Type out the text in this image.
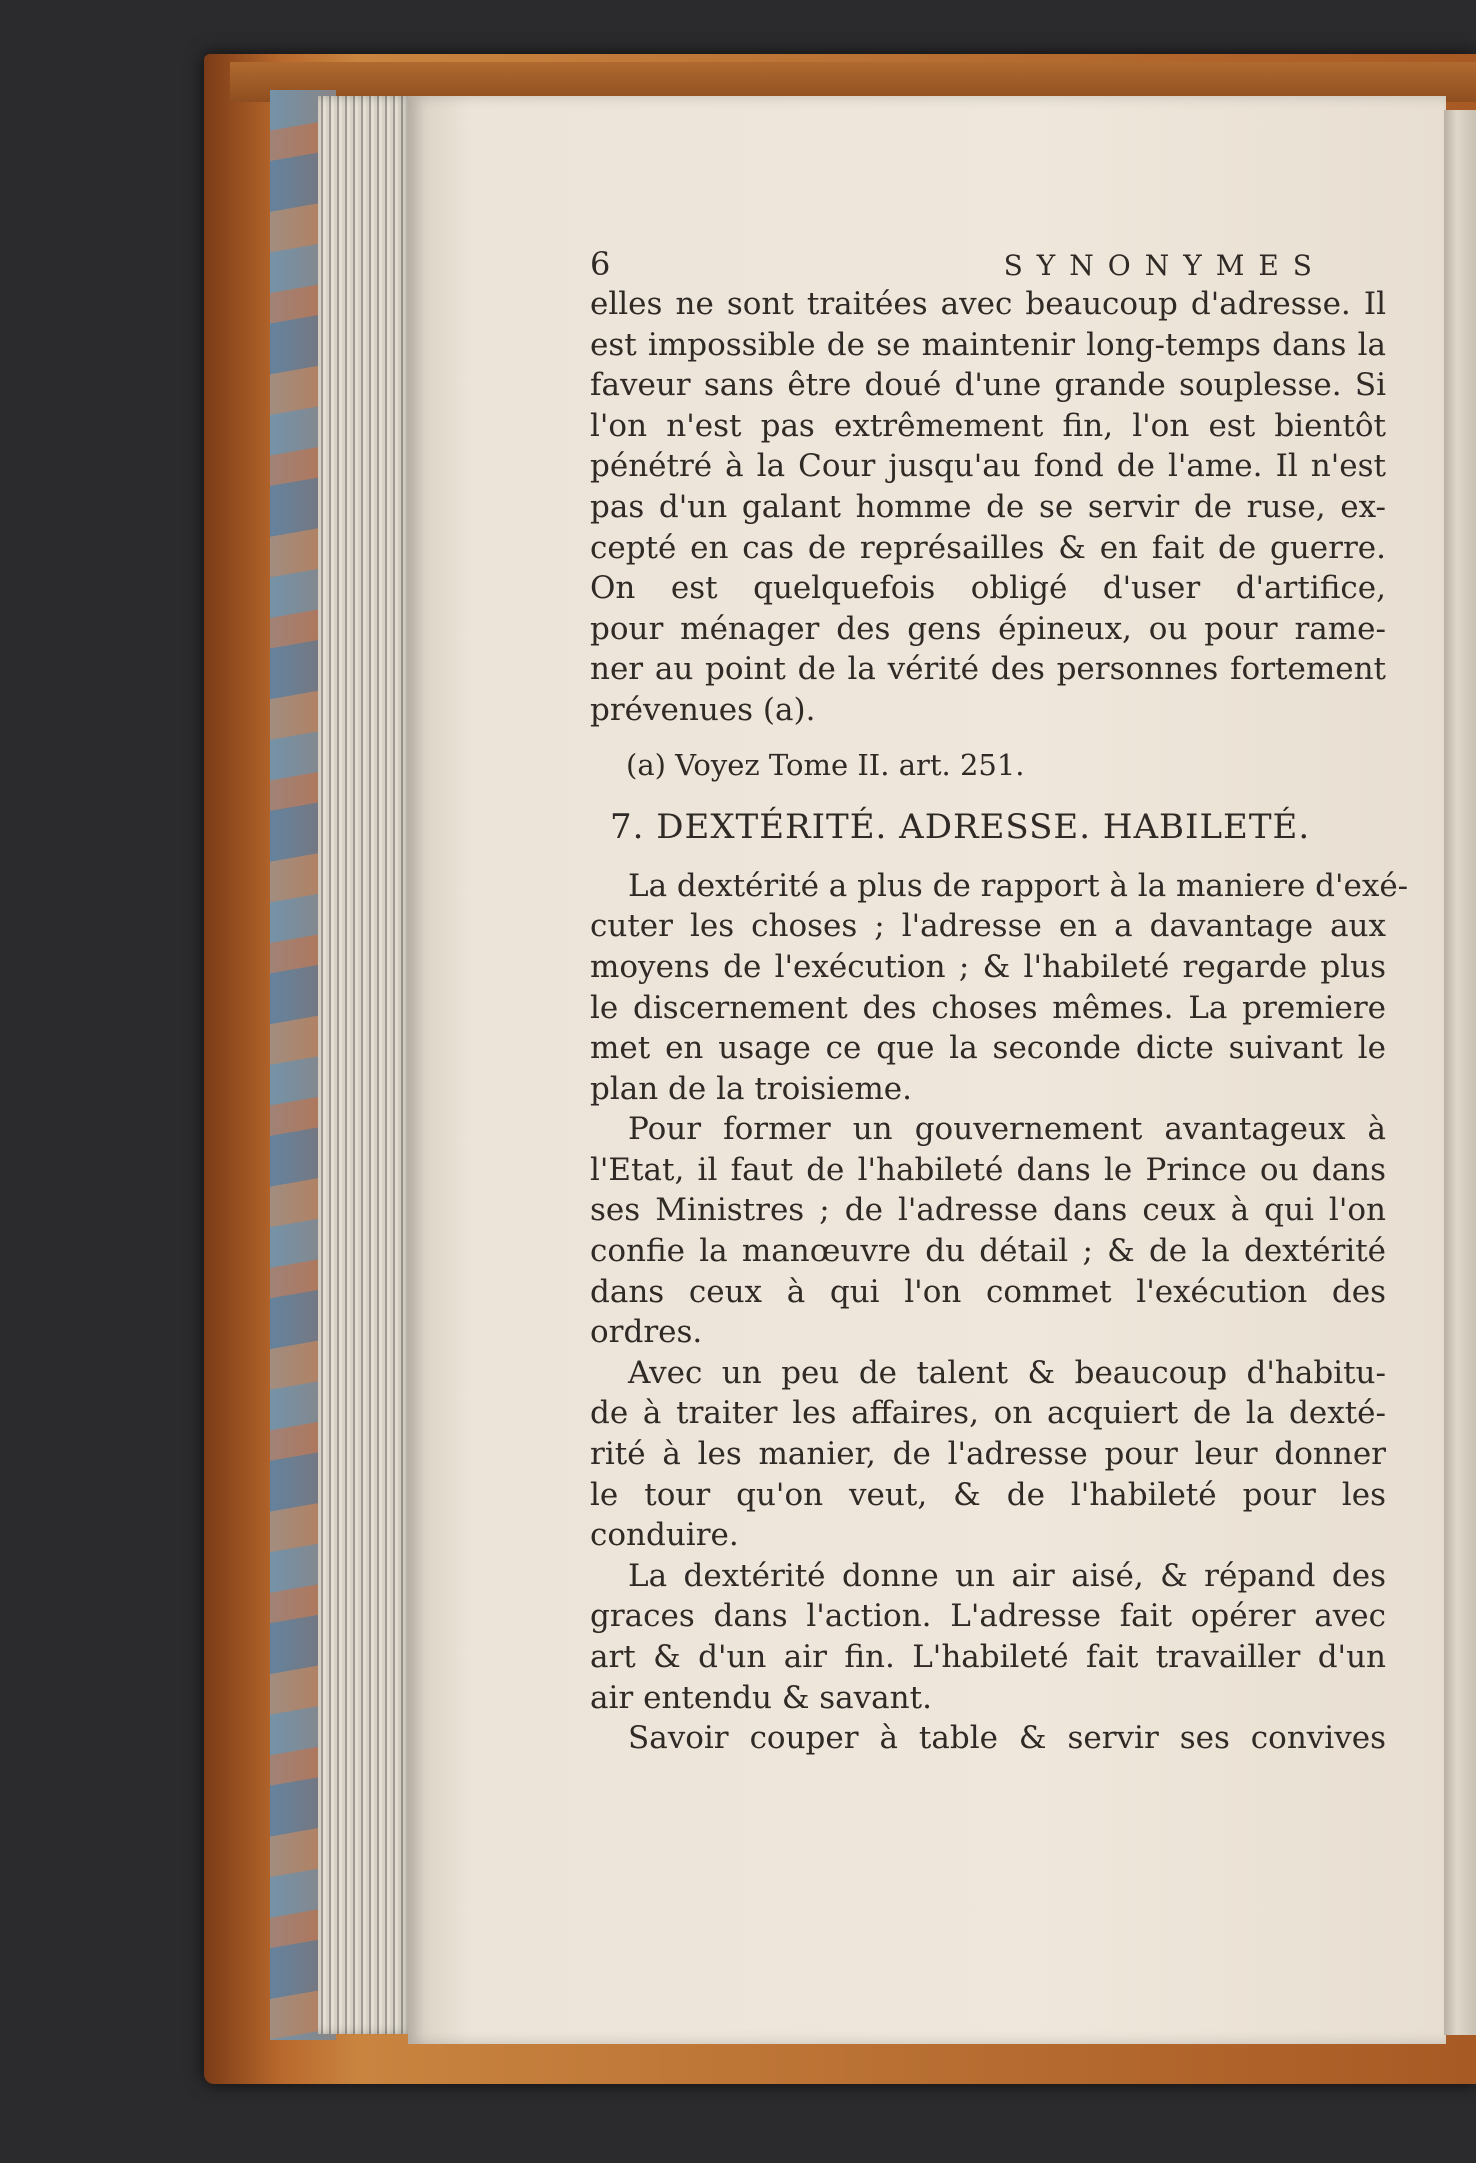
6	SYNONYMES
elles ne sont traitées avec beaucoup d'adresse. Il
est impossible de se maintenir long-temps dans la
faveur sans être doué d'une grande souplesse. Si
l'on n'est pas extrêmement fin, l'on est bientôt
pénétré à la Cour jusqu'au fond de l'ame. Il n'est
pas d'un galant homme de se servir de ruse, ex-
cepté en cas de représailles & en fait de guerre.
On est quelquefois obligé d'user d'artifice,
pour ménager des gens épineux, ou pour rame-
ner au point de la vérité des personnes fortement
prévenues (a).
(a) Voyez Tome II. art. 251.
7. DEXTÉRITÉ. ADRESSE. HABILETÉ.
La dextérité a plus de rapport à la maniere d'exé-
cuter les choses ; l'adresse en a davantage aux
moyens de l'exécution ; & l'habileté regarde plus
le discernement des choses mêmes. La premiere
met en usage ce que la seconde dicte suivant le
plan de la troisieme.
Pour former un gouvernement avantageux à
l'Etat, il faut de l'habileté dans le Prince ou dans
ses Ministres ; de l'adresse dans ceux à qui l'on
confie la manœuvre du détail ; & de la dextérité
dans ceux à qui l'on commet l'exécution des
ordres.
Avec un peu de talent & beaucoup d'habitu-
de à traiter les affaires, on acquiert de la dexté-
rité à les manier, de l'adresse pour leur donner
le tour qu'on veut, & de l'habileté pour les
conduire.
La dextérité donne un air aisé, & répand des
graces dans l'action. L'adresse fait opérer avec
art & d'un air fin. L'habileté fait travailler d'un
air entendu & savant.
Savoir couper à table & servir ses convives
